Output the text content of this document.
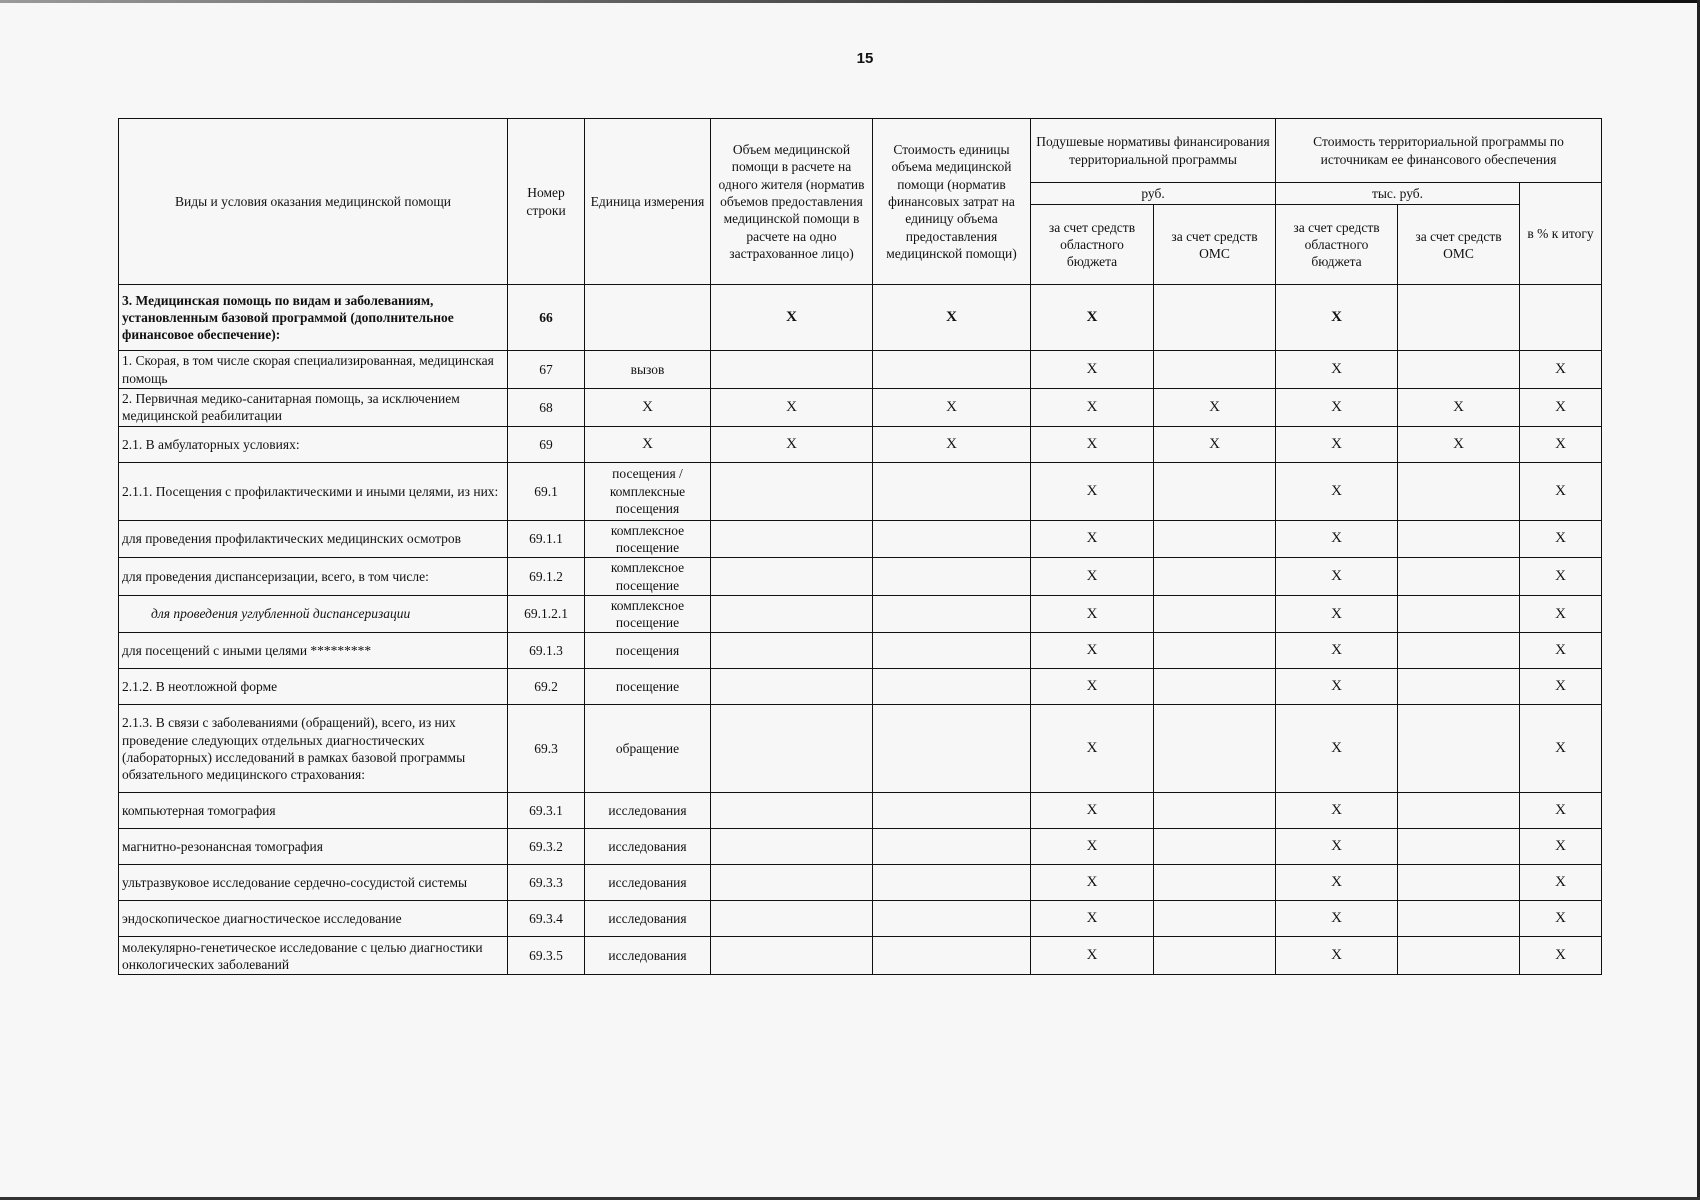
15
Виды и условия оказания медицинской помощи	Номер строки	Единица измерения	Объем медицинской помощи в расчете на одного жителя (норматив объемов предоставления медицинской помощи в расчете на одно застрахованное лицо)	Стоимость единицы объема медицинской помощи (норматив финансовых затрат на единицу объема предоставления медицинской помощи)	Подушевые нормативы финансирования территориальной программы		Стоимость территориальной программы по источникам ее финансового обеспечения		
					руб.		тыс. руб.		в % к итогу
					за счет средств областного бюджета	за счет средств ОМС	за счет средств областного бюджета	за счет средств ОМС	
3. Медицинская помощь по видам и заболеваниям, установленным базовой программой (дополнительное финансовое обеспечение):	66		X	X	X		X		
1. Скорая, в том числе скорая специализированная, медицинская помощь	67	вызов			X		X		X
2. Первичная медико-санитарная помощь, за исключением медицинской реабилитации	68	X	X	X	X	X	X	X	X
2.1. В амбулаторных условиях:	69	X	X	X	X	X	X	X	X
2.1.1. Посещения с профилактическими и иными целями, из них:	69.1	посещения / комплексные посещения			X		X		X
для проведения профилактических медицинских осмотров	69.1.1	комплексное посещение			X		X		X
для проведения диспансеризации, всего, в том числе:	69.1.2	комплексное посещение			X		X		X
для проведения углубленной диспансеризации	69.1.2.1	комплексное посещение			X		X		X
для посещений с иными целями *********	69.1.3	посещения			X		X		X
2.1.2. В неотложной форме	69.2	посещение			X		X		X
2.1.3. В связи с заболеваниями (обращений), всего, из них проведение следующих отдельных диагностических (лабораторных) исследований в рамках базовой программы обязательного медицинского страхования:	69.3	обращение			X		X		X
компьютерная томография	69.3.1	исследования			X		X		X
магнитно-резонансная томография	69.3.2	исследования			X		X		X
ультразвуковое исследование сердечно-сосудистой системы	69.3.3	исследования			X		X		X
эндоскопическое диагностическое исследование	69.3.4	исследования			X		X		X
молекулярно-генетическое исследование с целью диагностики онкологических заболеваний	69.3.5	исследования			X		X		X
